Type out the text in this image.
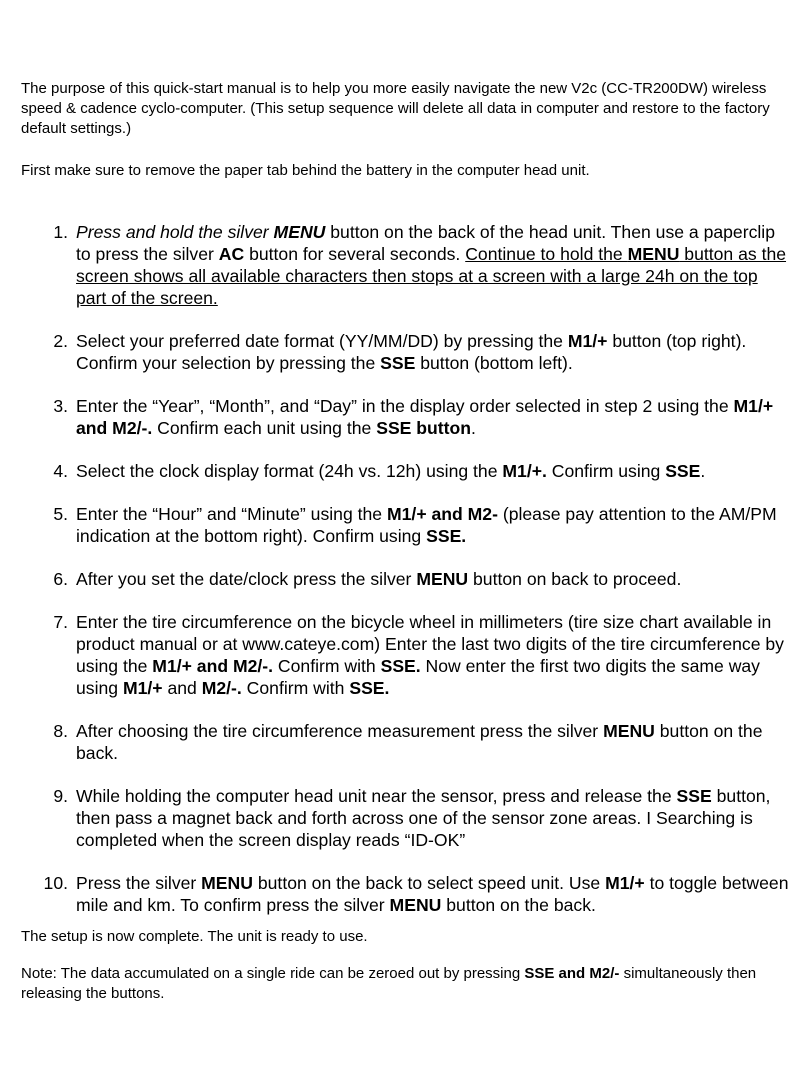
The purpose of this quick-start manual is to help you more easily navigate the new V2c (CC-TR200DW) wireless speed & cadence cyclo-computer. (This setup sequence will delete all data in computer and restore to the factory default settings.)

First make sure to remove the paper tab behind the battery in the computer head unit.

1. Press and hold the silver MENU button on the back of the head unit. Then use a paperclip to press the silver AC button for several seconds. Continue to hold the MENU button as the screen shows all available characters then stops at a screen with a large 24h on the top part of the screen.
2. Select your preferred date format (YY/MM/DD) by pressing the M1/+ button (top right). Confirm your selection by pressing the SSE button (bottom left).
3. Enter the “Year”, “Month”, and “Day” in the display order selected in step 2 using the M1/+ and M2/-. Confirm each unit using the SSE button.
4. Select the clock display format (24h vs. 12h) using the M1/+. Confirm using SSE.
5. Enter the “Hour” and “Minute” using the M1/+ and M2- (please pay attention to the AM/PM indication at the bottom right). Confirm using SSE.
6. After you set the date/clock press the silver MENU button on back to proceed.
7. Enter the tire circumference on the bicycle wheel in millimeters (tire size chart available in product manual or at www.cateye.com) Enter the last two digits of the tire circumference by using the M1/+ and M2/-. Confirm with SSE. Now enter the first two digits the same way using M1/+ and M2/-. Confirm with SSE.
8. After choosing the tire circumference measurement press the silver MENU button on the back.
9. While holding the computer head unit near the sensor, press and release the SSE button, then pass a magnet back and forth across one of the sensor zone areas. I Searching is completed when the screen display reads “ID-OK”
10. Press the silver MENU button on the back to select speed unit. Use M1/+ to toggle between mile and km. To confirm press the silver MENU button on the back.

The setup is now complete. The unit is ready to use.

Note: The data accumulated on a single ride can be zeroed out by pressing SSE and M2/- simultaneously then releasing the buttons.
